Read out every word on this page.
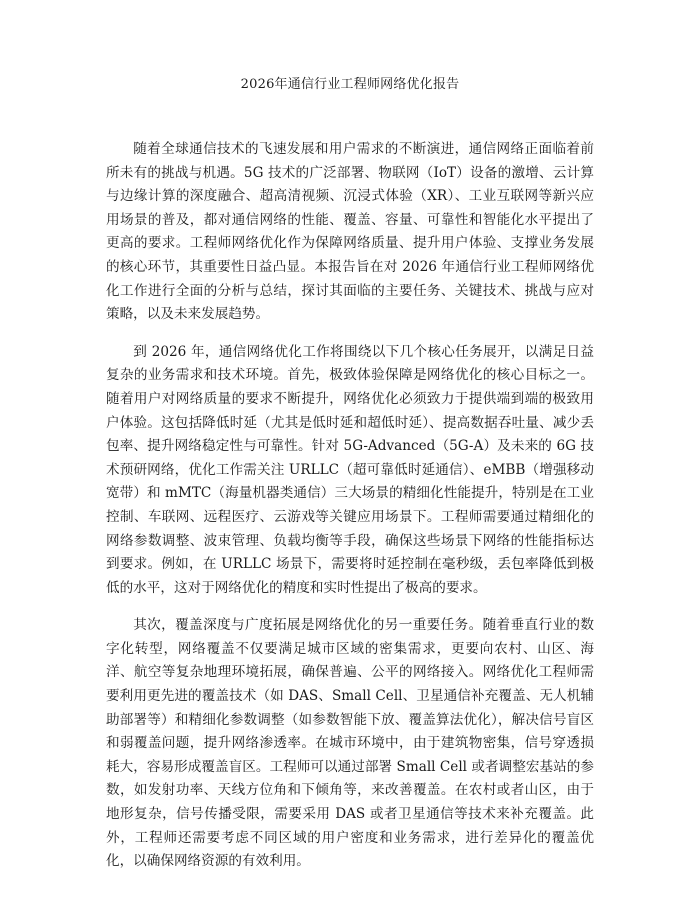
2026年通信行业工程师网络优化报告

随着全球通信技术的飞速发展和用户需求的不断演进，通信网络正面临着前所未有的挑战与机遇。5G 技术的广泛部署、物联网（IoT）设备的激增、云计算与边缘计算的深度融合、超高清视频、沉浸式体验（XR）、工业互联网等新兴应用场景的普及，都对通信网络的性能、覆盖、容量、可靠性和智能化水平提出了更高的要求。工程师网络优化作为保障网络质量、提升用户体验、支撑业务发展的核心环节，其重要性日益凸显。本报告旨在对 2026 年通信行业工程师网络优化工作进行全面的分析与总结，探讨其面临的主要任务、关键技术、挑战与应对策略，以及未来发展趋势。

到 2026 年，通信网络优化工作将围绕以下几个核心任务展开，以满足日益复杂的业务需求和技术环境。首先，极致体验保障是网络优化的核心目标之一。随着用户对网络质量的要求不断提升，网络优化必须致力于提供端到端的极致用户体验。这包括降低时延（尤其是低时延和超低时延）、提高数据吞吐量、减少丢包率、提升网络稳定性与可靠性。针对 5G-Advanced（5G-A）及未来的 6G 技术预研网络，优化工作需关注 URLLC（超可靠低时延通信）、eMBB（增强移动宽带）和 mMTC（海量机器类通信）三大场景的精细化性能提升，特别是在工业控制、车联网、远程医疗、云游戏等关键应用场景下。工程师需要通过精细化的网络参数调整、波束管理、负载均衡等手段，确保这些场景下网络的性能指标达到要求。例如，在 URLLC 场景下，需要将时延控制在毫秒级，丢包率降低到极低的水平，这对于网络优化的精度和实时性提出了极高的要求。

其次，覆盖深度与广度拓展是网络优化的另一重要任务。随着垂直行业的数字化转型，网络覆盖不仅要满足城市区域的密集需求，更要向农村、山区、海洋、航空等复杂地理环境拓展，确保普遍、公平的网络接入。网络优化工程师需要利用更先进的覆盖技术（如 DAS、Small Cell、卫星通信补充覆盖、无人机辅助部署等）和精细化参数调整（如参数智能下放、覆盖算法优化），解决信号盲区和弱覆盖问题，提升网络渗透率。在城市环境中，由于建筑物密集，信号穿透损耗大，容易形成覆盖盲区。工程师可以通过部署 Small Cell 或者调整宏基站的参数，如发射功率、天线方位角和下倾角等，来改善覆盖。在农村或者山区，由于地形复杂，信号传播受限，需要采用 DAS 或者卫星通信等技术来补充覆盖。此外，工程师还需要考虑不同区域的用户密度和业务需求，进行差异化的覆盖优化，以确保网络资源的有效利用。
